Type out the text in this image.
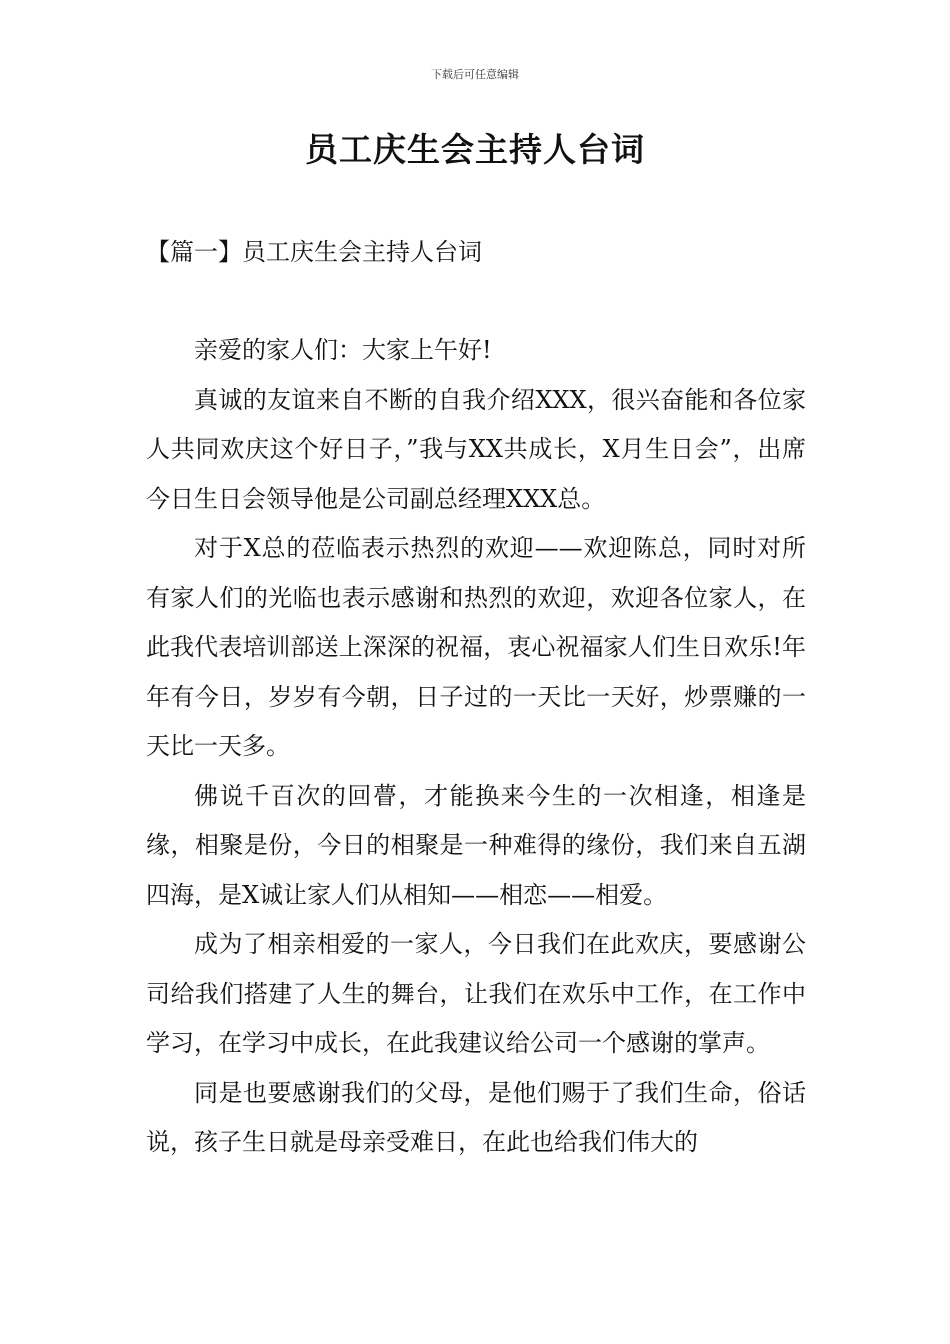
下载后可任意编辑
员工庆生会主持人台词
【篇一】员工庆生会主持人台词

亲爱的家人们：大家上午好!

真诚的友谊来自不断的自我介绍XXX，很兴奋能和各位家人共同欢庆这个好日子，”我与XX共成长，X月生日会”，出席今日生日会领导他是公司副总经理XXX总。

对于X总的莅临表示热烈的欢迎——欢迎陈总，同时对所有家人们的光临也表示感谢和热烈的欢迎，欢迎各位家人，在此我代表培训部送上深深的祝福，衷心祝福家人们生日欢乐!年年有今日，岁岁有今朝，日子过的一天比一天好，炒票赚的一天比一天多。

佛说千百次的回瞢，才能换来今生的一次相逢，相逢是缘，相聚是份，今日的相聚是一种难得的缘份，我们来自五湖四海，是X诚让家人们从相知——相恋——相爱。

成为了相亲相爱的一家人，今日我们在此欢庆，要感谢公司给我们搭建了人生的舞台，让我们在欢乐中工作，在工作中学习，在学习中成长，在此我建议给公司一个感谢的掌声。

同是也要感谢我们的父母，是他们赐于了我们生命，俗话说，孩子生日就是母亲受难日，在此也给我们伟大的
